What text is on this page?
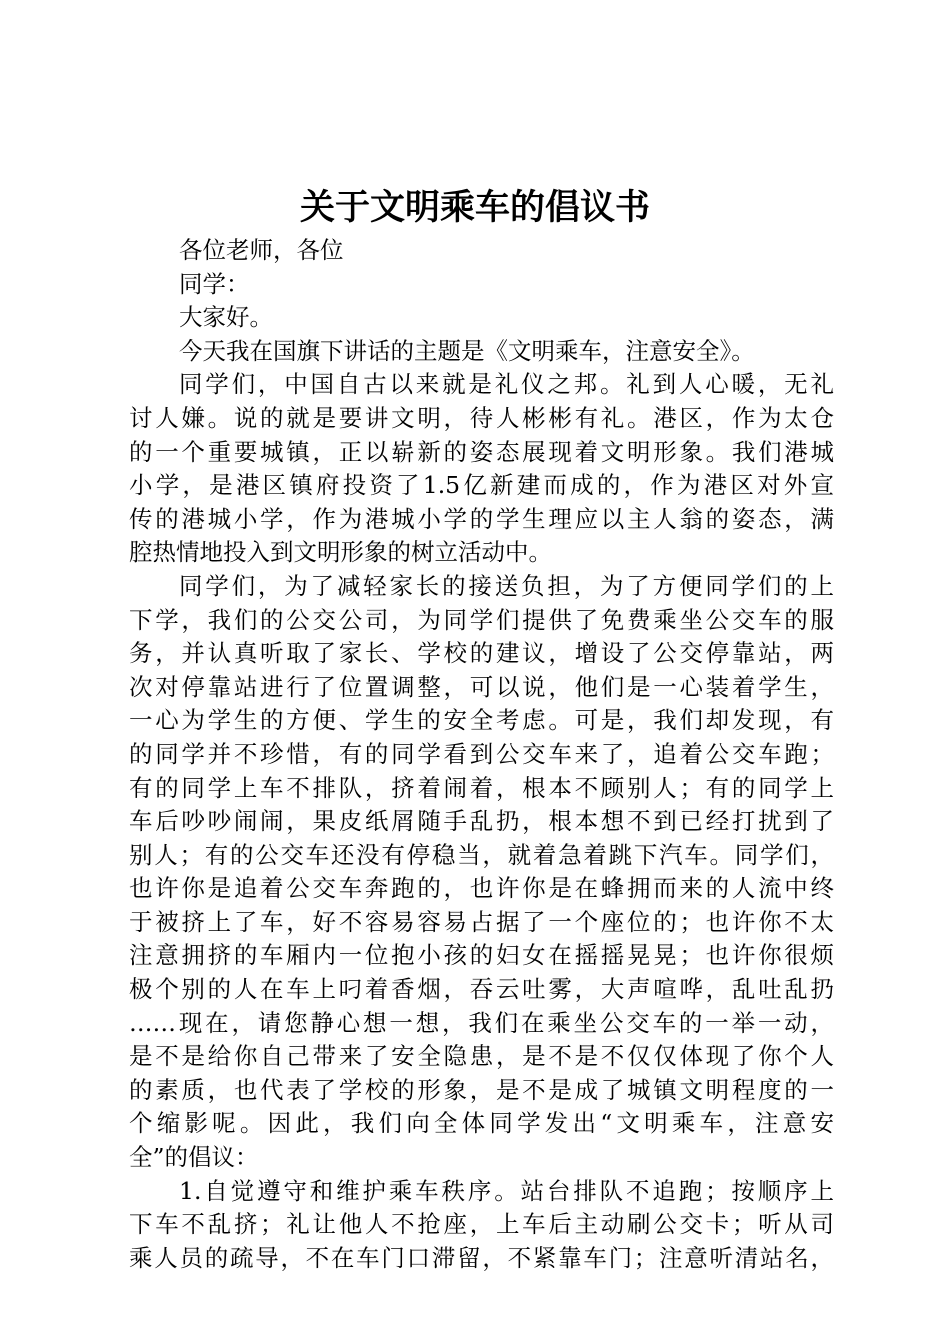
关于文明乘车的倡议书
各位老师，各位
同学：
大家好。
今天我在国旗下讲话的主题是《文明乘车，注意安全》。
同学们，中国自古以来就是礼仪之邦。礼到人心暖，无礼
讨人嫌。说的就是要讲文明，待人彬彬有礼。港区，作为太仓
的一个重要城镇，正以崭新的姿态展现着文明形象。我们港城
小学，是港区镇府投资了1.5亿新建而成的，作为港区对外宣
传的港城小学，作为港城小学的学生理应以主人翁的姿态，满
腔热情地投入到文明形象的树立活动中。
同学们，为了减轻家长的接送负担，为了方便同学们的上
下学，我们的公交公司，为同学们提供了免费乘坐公交车的服
务，并认真听取了家长、学校的建议，增设了公交停靠站，两
次对停靠站进行了位置调整，可以说，他们是一心装着学生，
一心为学生的方便、学生的安全考虑。可是，我们却发现，有
的同学并不珍惜，有的同学看到公交车来了，追着公交车跑；
有的同学上车不排队，挤着闹着，根本不顾别人；有的同学上
车后吵吵闹闹，果皮纸屑随手乱扔，根本想不到已经打扰到了
别人；有的公交车还没有停稳当，就着急着跳下汽车。同学们，
也许你是追着公交车奔跑的，也许你是在蜂拥而来的人流中终
于被挤上了车，好不容易容易占据了一个座位的；也许你不太
注意拥挤的车厢内一位抱小孩的妇女在摇摇晃晃；也许你很烦
极个别的人在车上叼着香烟，吞云吐雾，大声喧哗，乱吐乱扔
……现在，请您静心想一想，我们在乘坐公交车的一举一动，
是不是给你自己带来了安全隐患，是不是不仅仅体现了你个人
的素质，也代表了学校的形象，是不是成了城镇文明程度的一
个缩影呢。因此，我们向全体同学发出“文明乘车，注意安
全”的倡议：
1.自觉遵守和维护乘车秩序。站台排队不追跑；按顺序上
下车不乱挤；礼让他人不抢座，上车后主动刷公交卡；听从司
乘人员的疏导，不在车门口滞留，不紧靠车门；注意听清站名，
